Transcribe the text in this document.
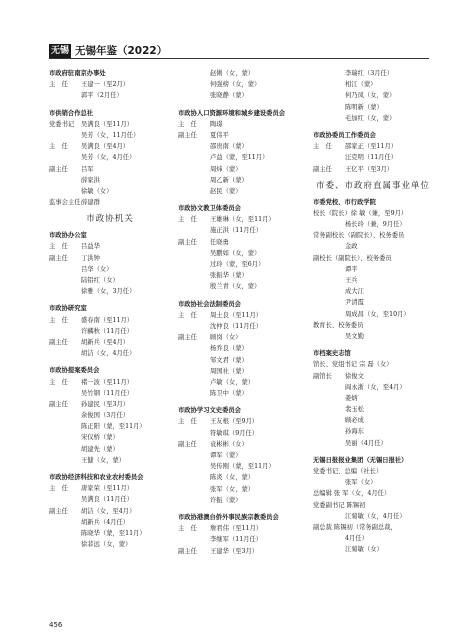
无锡 无锡年鉴（2022）
市政府驻南京办事处
主　任	王建一（至2月）
郭平（2月任）
市供销合作总社
党委书记	吴满良（至11月）
吴芳（女，11月任）
主　任	吴满良（至4月）
吴芳（女，4月任）
副主任	吕军
薛家洪
徐敏（女）
监事会主任 薛建群
市政协机关
市政协办公室
主　任	吕益华
副主任	丁洪钟
吕华（女）
陆铝红（女）
徐雅（女，3月任）
市政协研究室
主　任	盛春南（至11月）
许麟秋（11月任）
副主任	胡新兵（至4月）
胡洁（女，4月任）
市政协提案委员会
主　任	褚一波（至11月）
吴竹钢（11月任）
副主任	孙建民（至3月）
余俊国（3月任）
陈正阳（蒙，至11月）
宋仅桥（蒙）
胡建先（蒙）
王健（女，蒙）
市政协经济科技和农业农村委员会
主　任	唐家荣（至11月）
吴满良（11月任）
副主任	胡洁（女，至4月）
胡新兵（4月任）
陈晓华（蒙，至11月）
徐菲远（女，蒙）
赵俐（女，蒙）
何强榜（女，蒙）
张晓静（蒙）
市政协人口资源环境和城乡建设委员会
主　任	陶璟
副主任	夏伟平
邵贵南（蒙）
卢益（蒙，至11月）
周炜（蒙）
周乙新（蒙）
赵民（蒙）
市政协文教卫体委员会
主　任	王雄琳（女，至11月）
施正洪（11月任）
副主任	任晓勇
吴鹏如（女，蒙）
过玲（蒙，至6月）
张振华（蒙）
殷兰青（女，蒙）
市政协社会法制委员会
主　任	周土良（至11月）
沈仲良（11月任）
副主任	顾岗（女）
杨乔良（蒙）
邹文君（蒙）
周国社（蒙）
卢敏（女，蒙）
陈卫中（蒙）
市政协学习文史委员会
主　任	王友根（至9月）
符敏琪（9月任）
副主任	袁彬彬（女）
谭军（蒙）
吴传刚（蒙，至11月）
陈炎（女，蒙）
张军（女，蒙）
许振（蒙）
市政协港澳台侨外事民族宗教委员会
主　任	詹君伟（至11月）
李继军（11月任）
副主任	王建华（至3月）
李瑞红（3月任）
相江（蒙）
何乃凤（女，蒙）
陈明新（蒙）
毛加红（女，蒙）
市政协委员工作委员会
主　任	邵家正（至11月）
汪克明（11月任）
副主任	王亿平（至3月）
市委、市政府直属事业单位
市委党校、市行政学院
校长（院长）徐 敏（兼，至9月）
杨长玲（兼，9月任）
常务副校长（副院长）、校务委员
金政
副校长（副院长）、校务委员
谭平
王兵
成大江
尹清霞
周成昌（女，至10月）
教育长、校务委员
吴文勤
市档案史志馆
馆长、党组书记 宗 磊（女）
副馆长	徐俊文
阎永浙（女，至4月）
姜炳
裴玉松
顾必成
孙海东
吴丽（4月任）
无锡日报报业集团（无锡日报社）
党委书记、总编（社长）
张军（女）
总编辑 张 军（女，4月任）
党委副书记 陈锡初
江菊敏（女，4月任）
副总裁 陈锡初（常务副总裁，
4月任）
江菊敏（女）
456
